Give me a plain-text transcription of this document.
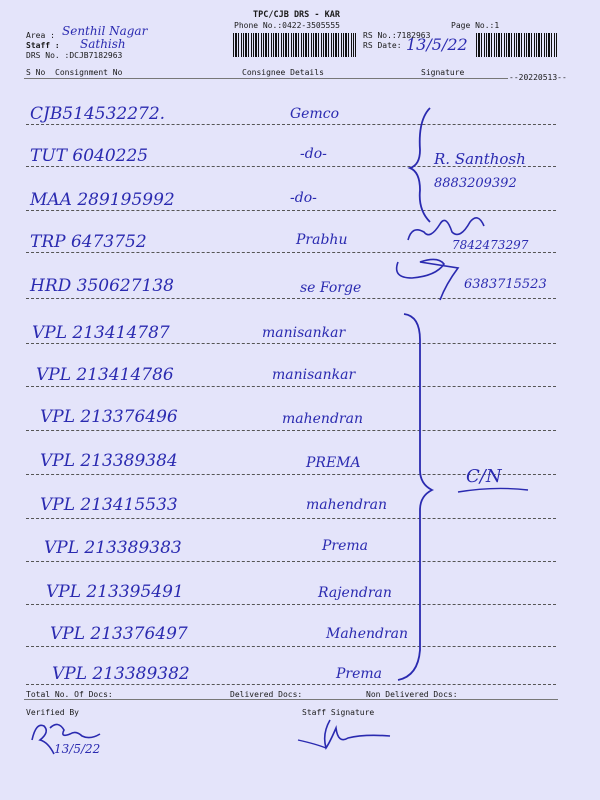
TPC/CJB DRS - KAR
Phone No.:0422-3505555	Page No.:1
Area : Senthil Nagar
Staff : Sathish
DRS No. :DCJB7182963
RS No.:7182963
RS Date: 13/5/22
S No Consignment No	Consignee Details	Signature
--20220513--
CJB514532272.	Gemco
TUT 6040225	-do-
MAA 289195992	-do-
TRP 6473752	Prabhu
HRD 350627138	se Forge
VPL 213414787	manisankar
VPL 213414786	manisankar
VPL 213376496	mahendran
VPL 213389384	PREMA
VPL 213415533	mahendran
VPL 213389383	Prema
VPL 213395491	Rajendran
VPL 213376497	Mahendran
VPL 213389382	Prema
R. Santhosh
8883209392
7842473297
6383715523
C/N
Total No. Of Docs:	Delivered Docs:	Non Delivered Docs:
Verified By	Staff Signature
13/5/22
